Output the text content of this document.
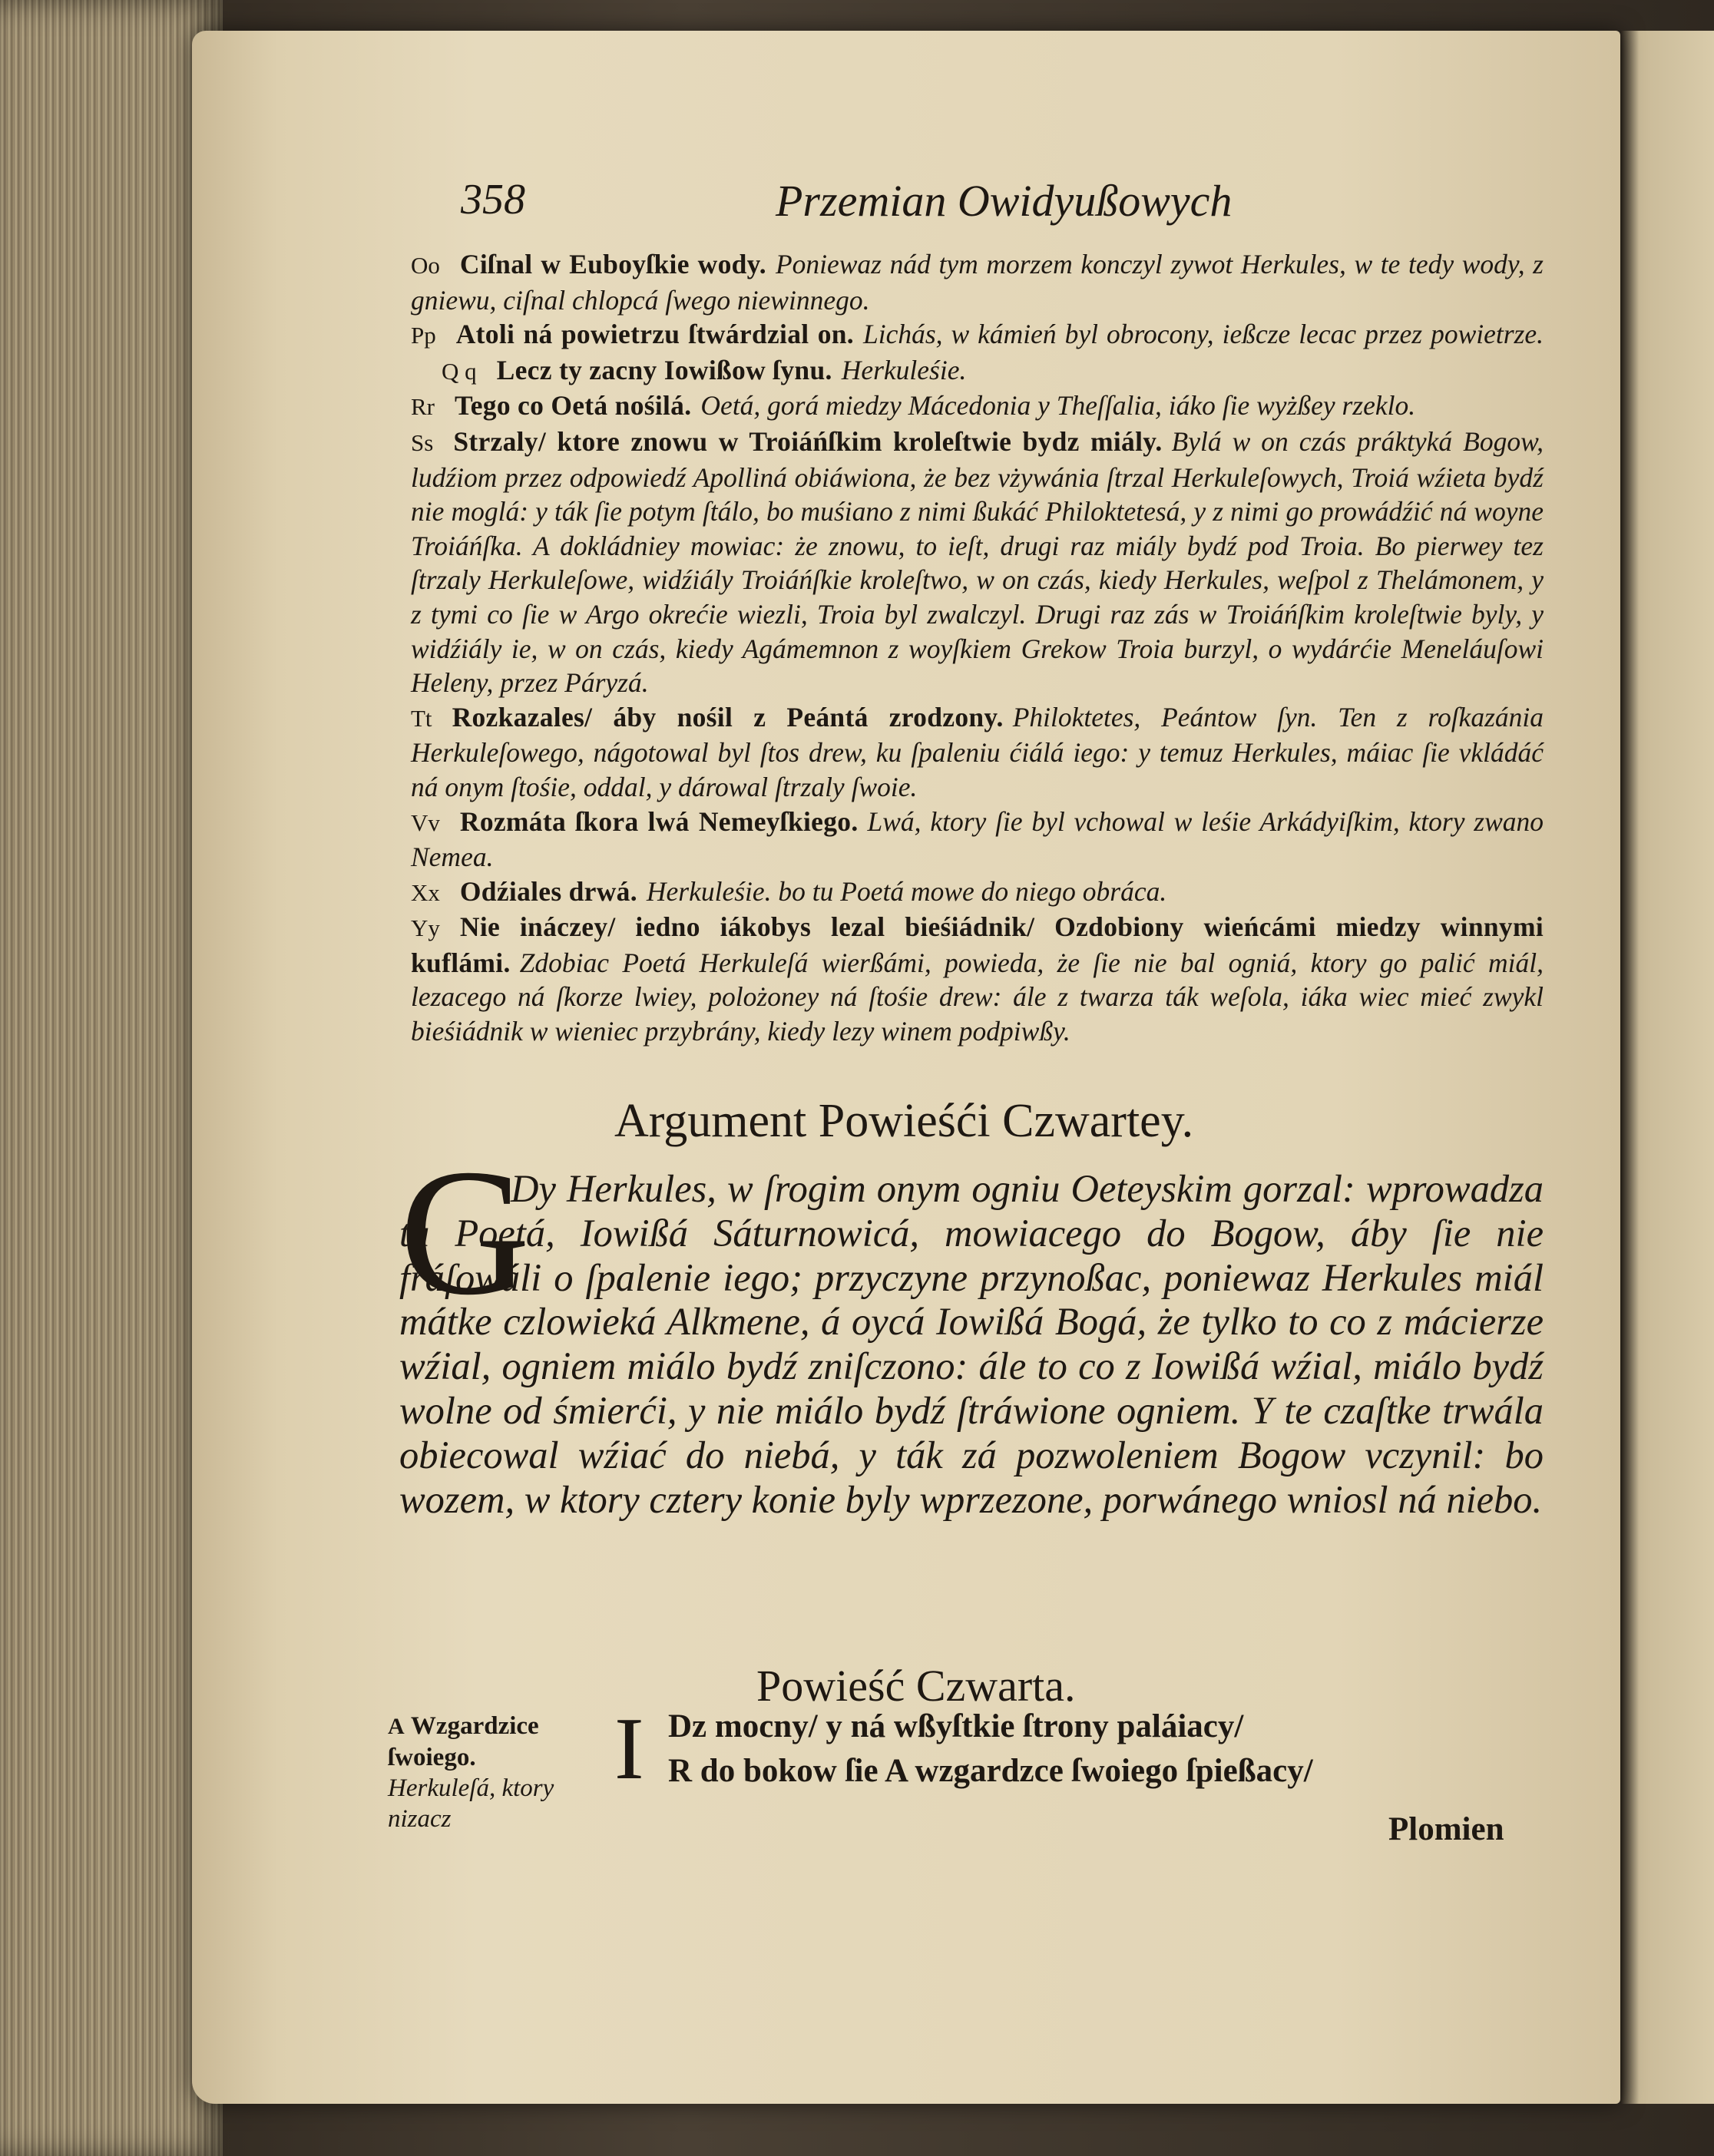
358	Przemian Owidyußowych

Oo Ciſnal w Euboyſkie wody. Poniewaz nád tym morzem konczyl zywot Herkules, w te tedy wody, z gniewu, ciſnal chlopcá ſwego niewinnego.

Pp Atoli ná powietrzu ſtwárdzial on. Lichás, w kámień byl obrocony, ießcze lecac przez powietrze. Q q Lecz ty zacny Iowißow ſynu. Herkuleśie.

Rr Tego co Oetá nośilá. Oetá, gorá miedzy Mácedonia y Theſſalia, iáko ſie wyżßey rzeklo.

Ss Strzaly/ ktore znowu w Troiáńſkim kroleſtwie bydz miály. Bylá w on czás práktyká Bogow, ludźiom przez odpowiedź Apolliná obiáwiona, że bez vżywánia ſtrzal Herkuleſowych, Troiá wźieta bydź nie moglá: y ták ſie potym ſtálo, bo muśiano z nimi ßukáć Philoktetesá, y z nimi go prowádźić ná woyne Troiáńſka. A dokládniey mowiac: że znowu, to ieſt, drugi raz miály bydź pod Troia. Bo pierwey tez ſtrzaly Herkuleſowe, widźiály Troiáńſkie kroleſtwo, w on czás, kiedy Herkules, weſpol z Thelámonem, y z tymi co ſie w Argo okrećie wiezli, Troia byl zwalczyl. Drugi raz zás w Troiáńſkim kroleſtwie byly, y widźiály ie, w on czás, kiedy Agámemnon z woyſkiem Grekow Troia burzyl, o wydárćie Meneláuſowi Heleny, przez Páryzá.

Tt Rozkazales/ áby nośil z Peántá zrodzony. Philoktetes, Peántow ſyn. Ten z roſkazánia Herkuleſowego, nágotowal byl ſtos drew, ku ſpaleniu ćiálá iego: y temuz Herkules, máiac ſie vkládáć ná onym ſtośie, oddal, y dárowal ſtrzaly ſwoie.

Vv Rozmáta ſkora lwá Nemeyſkiego. Lwá, ktory ſie byl vchowal w leśie Arkádyiſkim, ktory zwano Nemea.

Xx Odźiales drwá. Herkuleśie. bo tu Poetá mowe do niego obráca.

Yy Nie ináczey/ iedno iákobys lezal bieśiádnik/ Ozdobiony wieńcámi miedzy winnymi kuflámi. Zdobiac Poetá Herkuleſá wierßámi, powieda, że ſie nie bal ogniá, ktory go palić miál, lezacego ná ſkorze lwiey, polożoney ná ſtośie drew: ále z twarza ták weſola, iáka wiec mieć zwykl bieśiádnik w wieniec przybrány, kiedy lezy winem podpiwßy.

Argument Powieśći Czwartey.
G

Dy Herkules, w ſrogim onym ogniu Oeteyskim gorzal: wprowadza tu Poetá, Iowißá Sáturnowicá, mowiacego do Bogow, áby ſie nie fráſowáli o ſpalenie iego; przyczyne przynoßac, poniewaz Herkules miál mátke czlowieká Alkmene, á oycá Iowißá Bogá, że tylko to co z mácierze wźial, ogniem miálo bydź zniſczono: ále to co z Iowißá wźial, miálo bydź wolne od śmierći, y nie miálo bydź ſtráwione ogniem. Y te czaſtke trwála obiecowal wźiać do niebá, y ták zá pozwoleniem Bogow vczynil: bo wozem, w ktory cztery konie byly wprzezone, porwánego wniosl ná niebo.

Powieść Czwarta.
A Wzgardzice ſwoiego. Herkuleſá, ktory nizacz
I Dz mocny/ y ná wßyſtkie ſtrony paláiacy/

R do bokow ſie A wzgardzce ſwoiego ſpießacy/

Plomien
